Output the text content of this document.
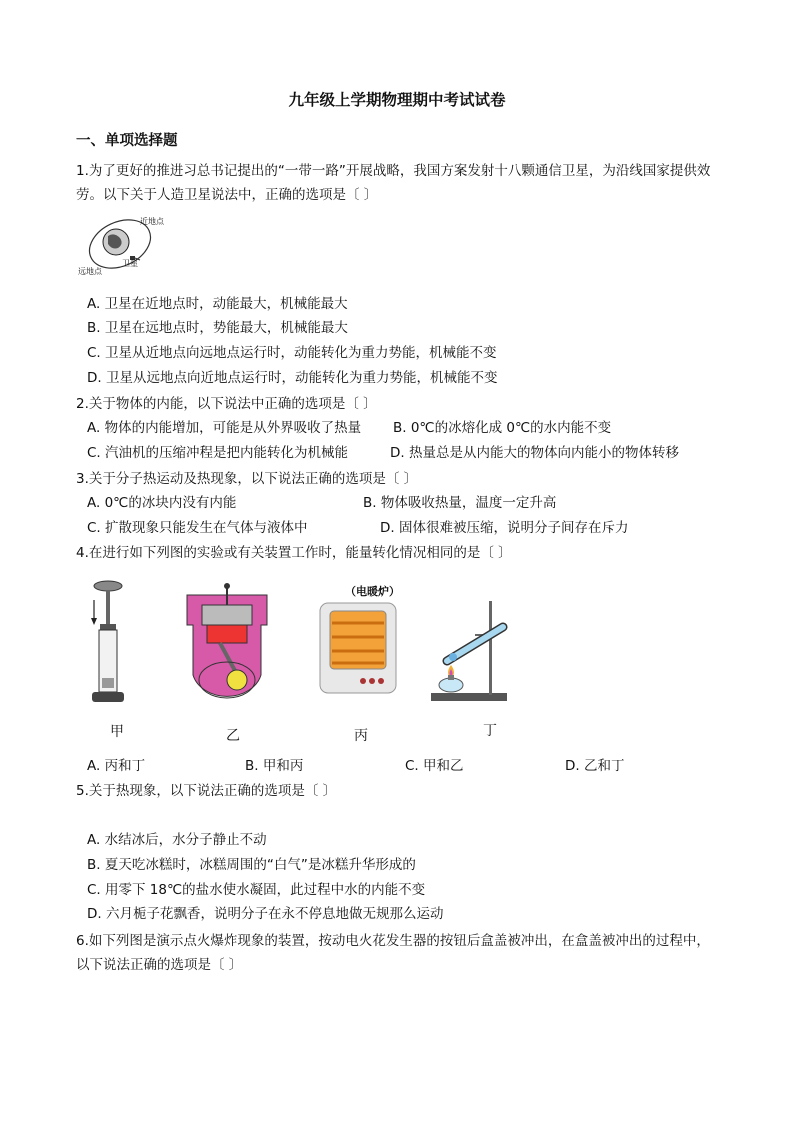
九年级上学期物理期中考试试卷
一、单项选择题
1.为了更好的推进习总书记提出的“一带一路”开展战略，我国方案发射十八颗通信卫星，为沿线国家提供效劳。以下关于人造卫星说法中，正确的选项是〔 〕
近地点
远地点
卫星
A. 卫星在近地点时，动能最大，机械能最大
B. 卫星在远地点时，势能最大，机械能最大
C. 卫星从近地点向远地点运行时，动能转化为重力势能，机械能不变
D. 卫星从远地点向近地点运行时，动能转化为重力势能，机械能不变
2.关于物体的内能，以下说法中正确的选项是〔 〕
A. 物体的内能增加，可能是从外界吸收了热量 B. 0℃的冰熔化成 0℃的水内能不变
C. 汽油机的压缩冲程是把内能转化为机械能	D. 热量总是从内能大的物体向内能小的物体转移
3.关于分子热运动及热现象，以下说法正确的选项是〔 〕
A. 0℃的冰块内没有内能	B. 物体吸收热量，温度一定升高
C. 扩散现象只能发生在气体与液体中	D. 固体很难被压缩，说明分子间存在斥力
4.在进行如下列图的实验或有关装置工作时，能量转化情况相同的是〔 〕
（电暖炉）
甲	乙	丙	丁
A. 丙和丁	B. 甲和丙	C. 甲和乙	D. 乙和丁
5.关于热现象，以下说法正确的选项是〔 〕
A. 水结冰后，水分子静止不动
B. 夏天吃冰糕时，冰糕周围的“白气”是冰糕升华形成的
C. 用零下 18℃的盐水使水凝固，此过程中水的内能不变
D. 六月栀子花飘香，说明分子在永不停息地做无规那么运动
6.如下列图是演示点火爆炸现象的装置，按动电火花发生器的按钮后盒盖被冲出，在盒盖被冲出的过程中，以下说法正确的选项是〔 〕
